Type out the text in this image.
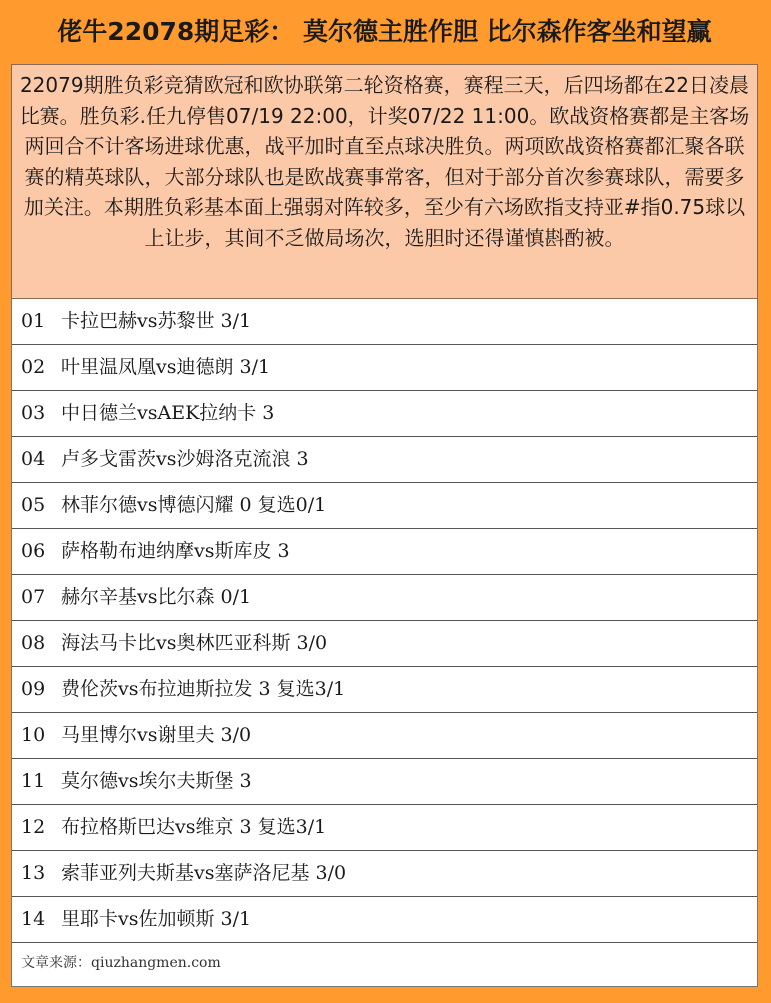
佬牛22078期足彩： 莫尔德主胜作胆 比尔森作客坐和望赢
22079期胜负彩竞猜欧冠和欧协联第二轮资格赛，赛程三天，后四场都在22日凌晨比赛。胜负彩.任九停售07/19 22:00，计奖07/22 11:00。欧战资格赛都是主客场两回合不计客场进球优惠，战平加时直至点球决胜负。两项欧战资格赛都汇聚各联赛的精英球队，大部分球队也是欧战赛事常客，但对于部分首次参赛球队，需要多加关注。本期胜负彩基本面上强弱对阵较多，至少有六场欧指支持亚#指0.75球以上让步，其间不乏做局场次，选胆时还得谨慎斟酌被。
01 卡拉巴赫vs苏黎世 3/1
02 叶里温凤凰vs迪德朗 3/1
03 中日德兰vsAEK拉纳卡 3
04 卢多戈雷茨vs沙姆洛克流浪 3
05 林菲尔德vs博德闪耀 0 复选0/1
06 萨格勒布迪纳摩vs斯库皮 3
07 赫尔辛基vs比尔森 0/1
08 海法马卡比vs奥林匹亚科斯 3/0
09 费伦茨vs布拉迪斯拉发 3 复选3/1
10 马里博尔vs谢里夫 3/0
11 莫尔德vs埃尔夫斯堡 3
12 布拉格斯巴达vs维京 3 复选3/1
13 索菲亚列夫斯基vs塞萨洛尼基 3/0
14 里耶卡vs佐加顿斯 3/1
文章来源：qiuzhangmen.com
